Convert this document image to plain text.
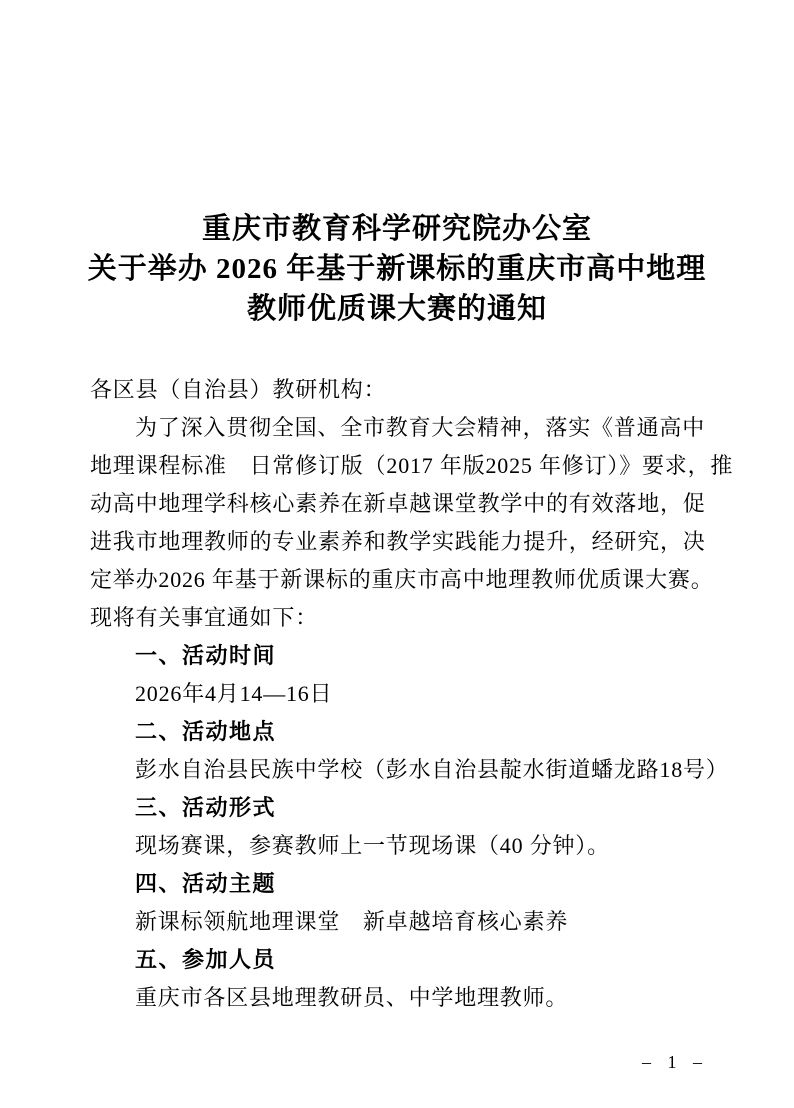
重庆市教育科学研究院办公室
关于举办 2026 年基于新课标的重庆市高中地理
教师优质课大赛的通知
各区县（自治县）教研机构：
为了深入贯彻全国、全市教育大会精神，落实《普通高中
地理课程标准　日常修订版（2017 年版2025 年修订）》要求，推
动高中地理学科核心素养在新卓越课堂教学中的有效落地，促
进我市地理教师的专业素养和教学实践能力提升，经研究，决
定举办2026 年基于新课标的重庆市高中地理教师优质课大赛。
现将有关事宜通如下：
一、活动时间
2026年4月14—16日
二、活动地点
彭水自治县民族中学校（彭水自治县靛水街道蟠龙路18号）
三、活动形式
现场赛课，参赛教师上一节现场课（40 分钟）。
四、活动主题
新课标领航地理课堂　新卓越培育核心素养
五、参加人员
重庆市各区县地理教研员、中学地理教师。
– 1 –
